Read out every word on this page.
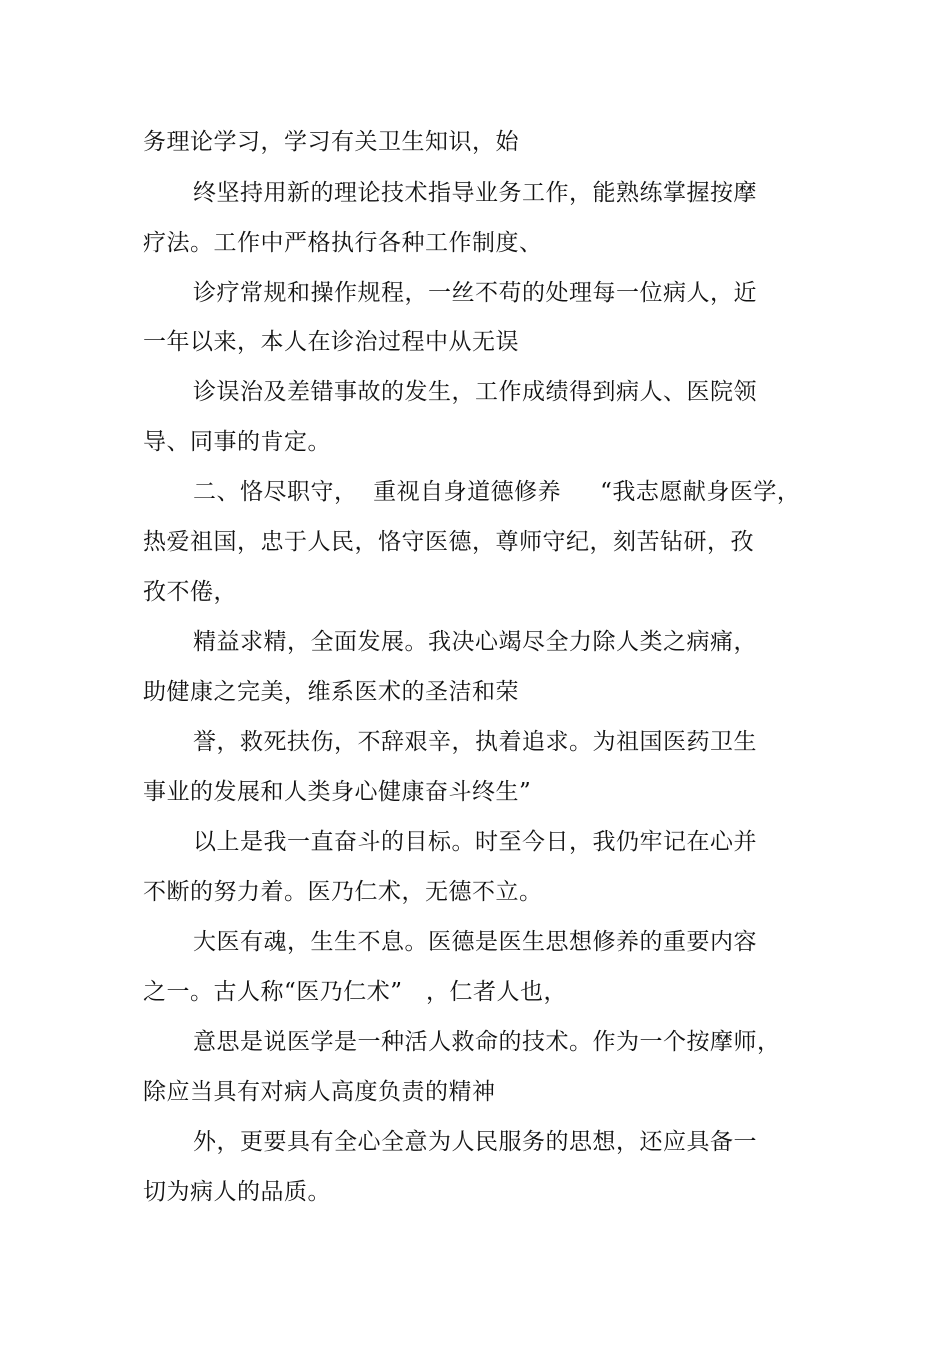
务理论学习，学习有关卫生知识，始
终坚持用新的理论技术指导业务工作，能熟练掌握按摩
疗法。工作中严格执行各种工作制度、
诊疗常规和操作规程，一丝不苟的处理每一位病人，近
一年以来，本人在诊治过程中从无误
诊误治及差错事故的发生，工作成绩得到病人、医院领
导、同事的肯定。
二、恪尽职守，  重视自身道德修养     “我志愿献身医学，
热爱祖国，忠于人民，恪守医德，尊师守纪，刻苦钻研，孜
孜不倦，
精益求精，全面发展。我决心竭尽全力除人类之病痛，
助健康之完美，维系医术的圣洁和荣
誉，救死扶伤，不辞艰辛，执着追求。为祖国医药卫生
事业的发展和人类身心健康奋斗终生”
以上是我一直奋斗的目标。时至今日，我仍牢记在心并
不断的努力着。医乃仁术，无德不立。
大医有魂，生生不息。医德是医生思想修养的重要内容
之一。古人称“医乃仁术”   ，仁者人也，
意思是说医学是一种活人救命的技术。作为一个按摩师，
除应当具有对病人高度负责的精神
外，更要具有全心全意为人民服务的思想，还应具备一
切为病人的品质。
